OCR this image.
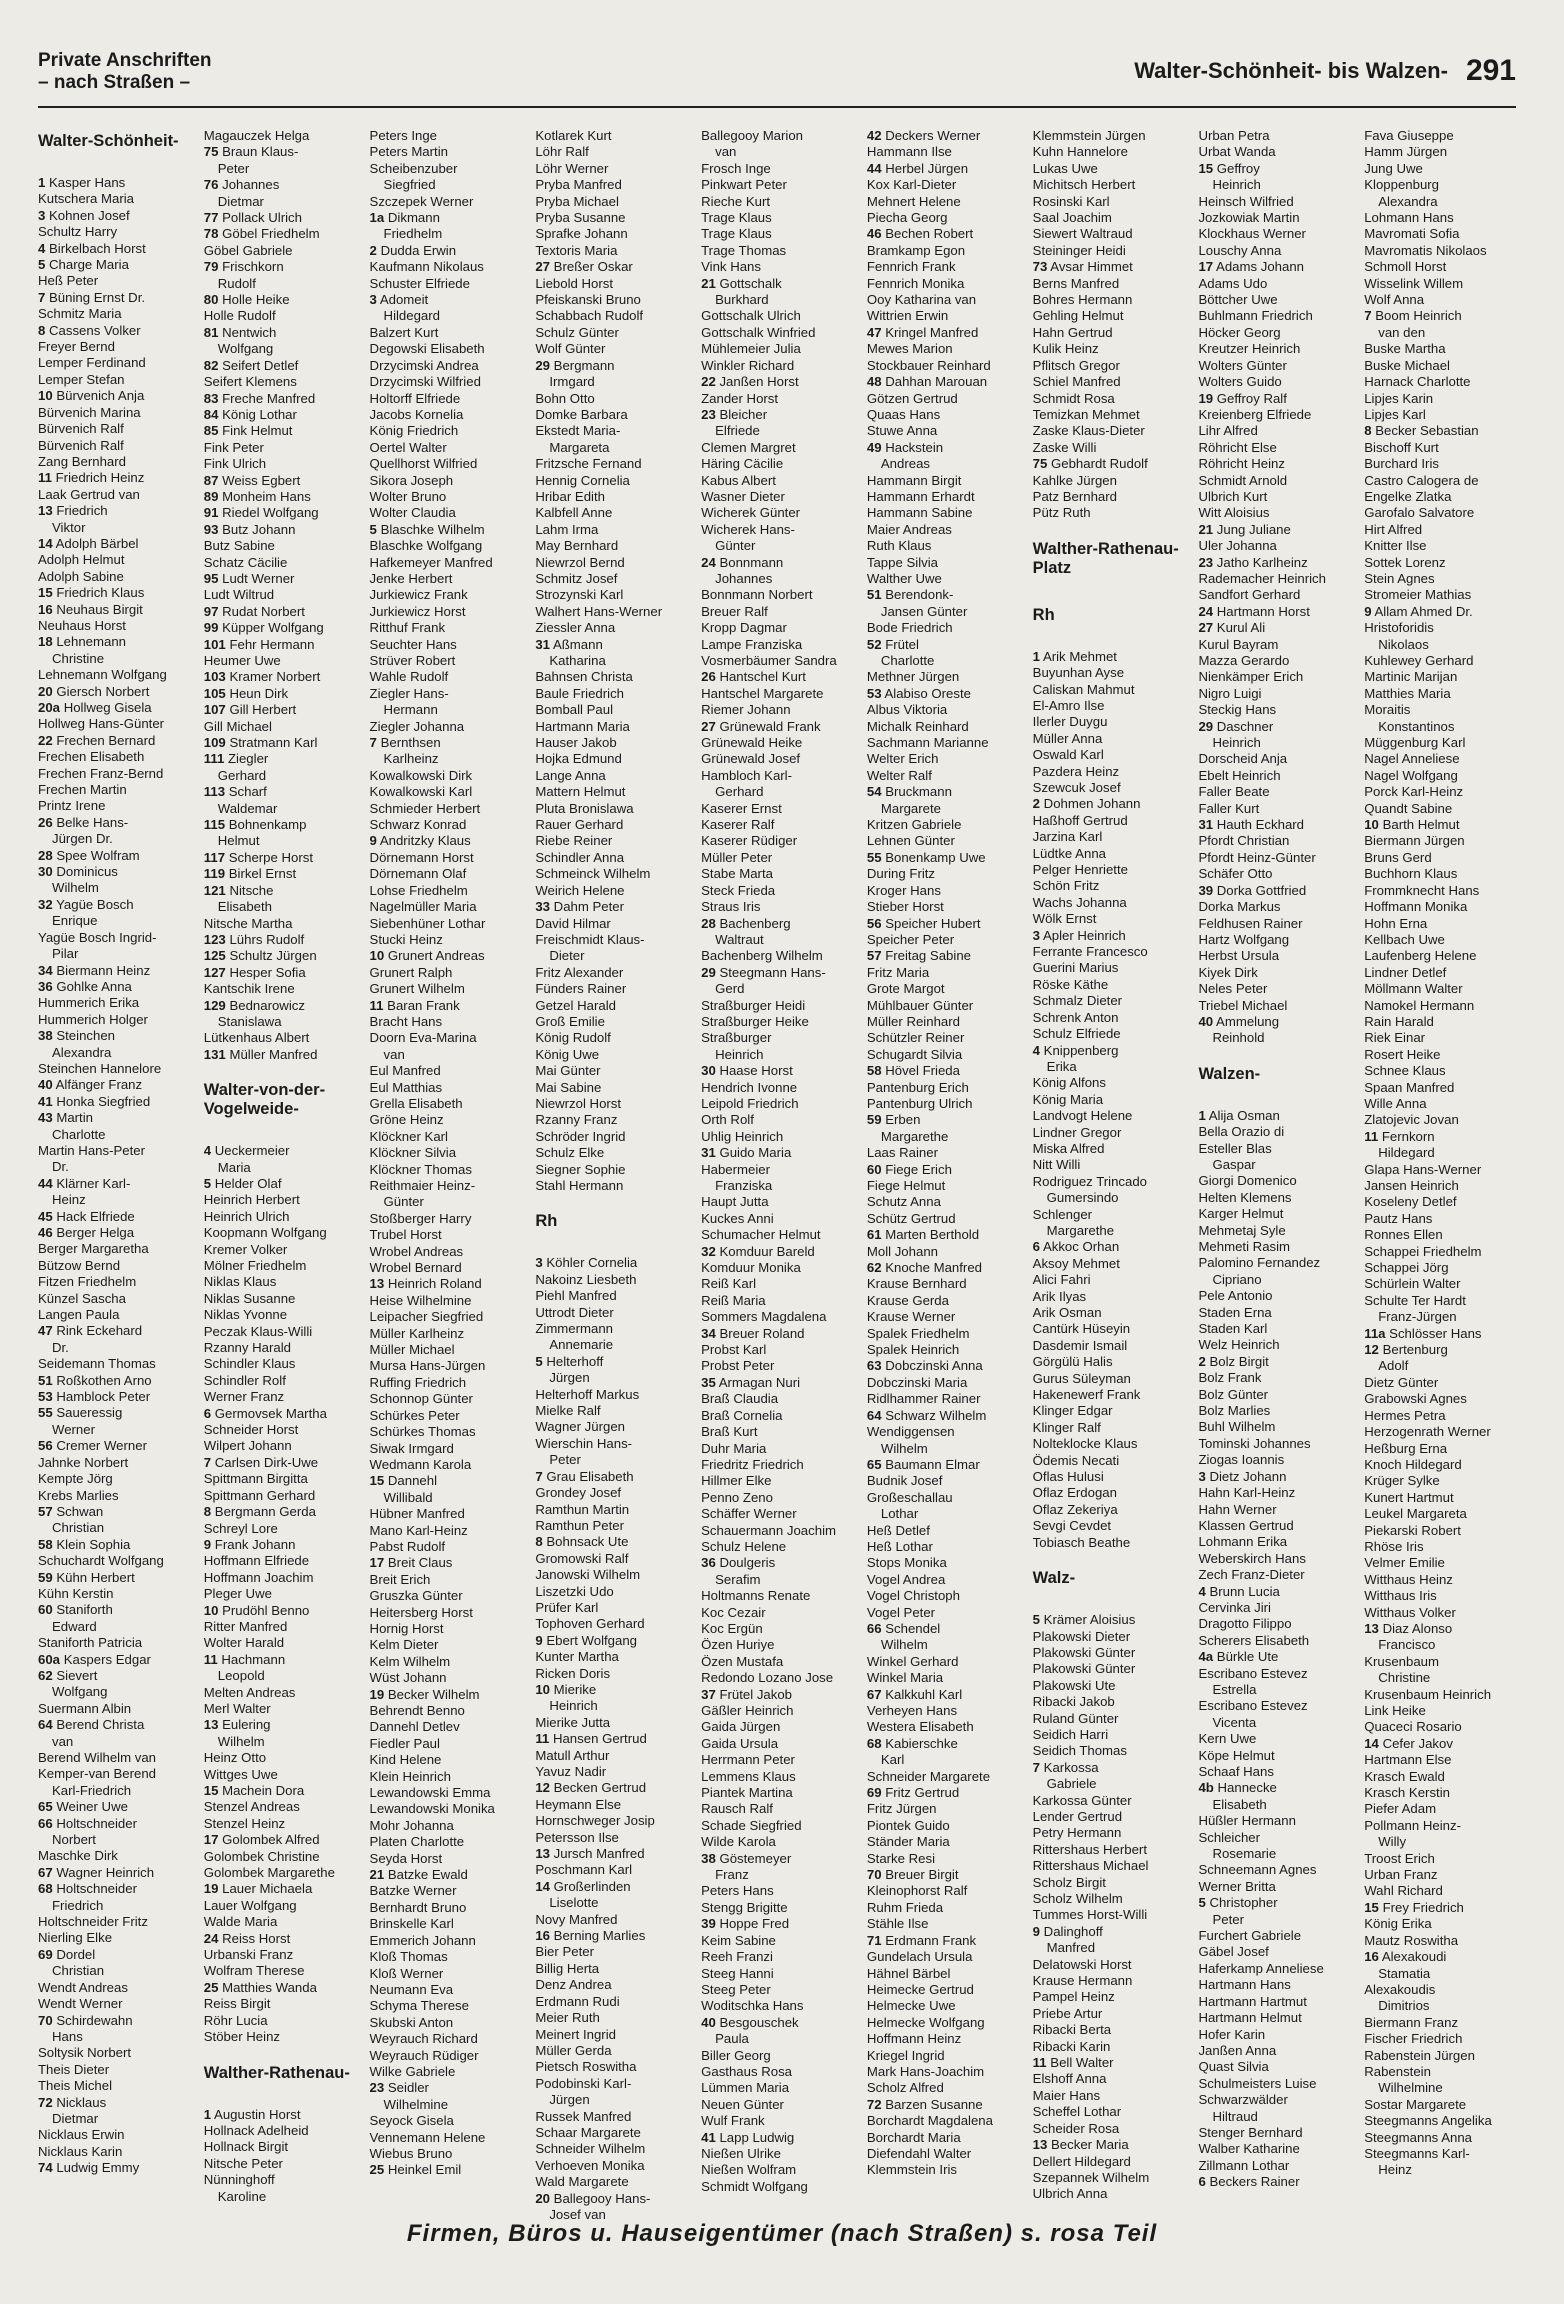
Private Anschriften
– nach Straßen –	Walter-Schönheit- bis Walzen- 291
Walter-Schönheit-
1 Kasper Hans
Kutschera Maria
3 Kohnen Josef
Schultz Harry
4 Birkelbach Horst
5 Charge Maria
Heß Peter
7 Büning Ernst Dr.
Schmitz Maria
8 Cassens Volker
Freyer Bernd
Lemper Ferdinand
Lemper Stefan
10 Bürvenich Anja
Bürvenich Marina
Bürvenich Ralf
Bürvenich Ralf
Zang Bernhard
11 Friedrich Heinz
Laak Gertrud van
13 Friedrich
Viktor
14 Adolph Bärbel
Adolph Helmut
Adolph Sabine
15 Friedrich Klaus
16 Neuhaus Birgit
Neuhaus Horst
18 Lehnemann
Christine
Lehnemann Wolfgang
20 Giersch Norbert
20a Hollweg Gisela
Hollweg Hans-Günter
22 Frechen Bernard
Frechen Elisabeth
Frechen Franz-Bernd
Frechen Martin
Printz Irene
26 Belke Hans-
Jürgen Dr.
28 Spee Wolfram
30 Dominicus
Wilhelm
32 Yagüe Bosch
Enrique
Yagüe Bosch Ingrid-
Pilar
34 Biermann Heinz
36 Gohlke Anna
Hummerich Erika
Hummerich Holger
38 Steinchen
Alexandra
Steinchen Hannelore
40 Alfänger Franz
41 Honka Siegfried
43 Martin
Charlotte
Martin Hans-Peter
Dr.
44 Klärner Karl-
Heinz
45 Hack Elfriede
46 Berger Helga
Berger Margaretha
Bützow Bernd
Fitzen Friedhelm
Künzel Sascha
Langen Paula
47 Rink Eckehard
Dr.
Seidemann Thomas
51 Roßkothen Arno
53 Hamblock Peter
55 Saueressig
Werner
56 Cremer Werner
Jahnke Norbert
Kempte Jörg
Krebs Marlies
57 Schwan
Christian
58 Klein Sophia
Schuchardt Wolfgang
59 Kühn Herbert
Kühn Kerstin
60 Staniforth
Edward
Staniforth Patricia
60a Kaspers Edgar
62 Sievert
Wolfgang
Suermann Albin
64 Berend Christa
van
Berend Wilhelm van
Kemper-van Berend
Karl-Friedrich
65 Weiner Uwe
66 Holtschneider
Norbert
Maschke Dirk
67 Wagner Heinrich
68 Holtschneider
Friedrich
Holtschneider Fritz
Nierling Elke
69 Dordel
Christian
Wendt Andreas
Wendt Werner
70 Schirdewahn
Hans
Soltysik Norbert
Theis Dieter
Theis Michel
72 Nicklaus
Dietmar
Nicklaus Erwin
Nicklaus Karin
74 Ludwig Emmy
Magauczek Helga
75 Braun Klaus-
Peter
76 Johannes
Dietmar
77 Pollack Ulrich
78 Göbel Friedhelm
Göbel Gabriele
79 Frischkorn
Rudolf
80 Holle Heike
Holle Rudolf
81 Nentwich
Wolfgang
82 Seifert Detlef
Seifert Klemens
83 Freche Manfred
84 König Lothar
85 Fink Helmut
Fink Peter
Fink Ulrich
87 Weiss Egbert
89 Monheim Hans
91 Riedel Wolfgang
93 Butz Johann
Butz Sabine
Schatz Cäcilie
95 Ludt Werner
Ludt Wiltrud
97 Rudat Norbert
99 Küpper Wolfgang
101 Fehr Hermann
Heumer Uwe
103 Kramer Norbert
105 Heun Dirk
107 Gill Herbert
Gill Michael
109 Stratmann Karl
111 Ziegler
Gerhard
113 Scharf
Waldemar
115 Bohnenkamp
Helmut
117 Scherpe Horst
119 Birkel Ernst
121 Nitsche
Elisabeth
Nitsche Martha
123 Lührs Rudolf
125 Schultz Jürgen
127 Hesper Sofia
Kantschik Irene
129 Bednarowicz
Stanislawa
Lütkenhaus Albert
131 Müller Manfred
Walter-von-der-Vogelweide-
4 Ueckermeier
Maria
5 Helder Olaf
Heinrich Herbert
Heinrich Ulrich
Koopmann Wolfgang
Kremer Volker
Mölner Friedhelm
Niklas Klaus
Niklas Susanne
Niklas Yvonne
Peczak Klaus-Willi
Rzanny Harald
Schindler Klaus
Schindler Rolf
Werner Franz
6 Germovsek Martha
Schneider Horst
Wilpert Johann
7 Carlsen Dirk-Uwe
Spittmann Birgitta
Spittmann Gerhard
8 Bergmann Gerda
Schreyl Lore
9 Frank Johann
Hoffmann Elfriede
Hoffmann Joachim
Pleger Uwe
10 Prudöhl Benno
Ritter Manfred
Wolter Harald
11 Hachmann
Leopold
Melten Andreas
Merl Walter
13 Eulering
Wilhelm
Heinz Otto
Wittges Uwe
15 Machein Dora
Stenzel Andreas
Stenzel Heinz
17 Golombek Alfred
Golombek Christine
Golombek Margarethe
19 Lauer Michaela
Lauer Wolfgang
Walde Maria
24 Reiss Horst
Urbanski Franz
Wolfram Therese
25 Matthies Wanda
Reiss Birgit
Röhr Lucia
Stöber Heinz
Walther-Rathenau-
1 Augustin Horst
Hollnack Adelheid
Hollnack Birgit
Nitsche Peter
Nünninghoff
Karoline
Peters Inge
Peters Martin
Scheibenzuber
Siegfried
Szczepek Werner
1a Dikmann
Friedhelm
2 Dudda Erwin
Kaufmann Nikolaus
Schuster Elfriede
3 Adomeit
Hildegard
Balzert Kurt
Degowski Elisabeth
Drzycimski Andrea
Drzycimski Wilfried
Holtorff Elfriede
Jacobs Kornelia
König Friedrich
Oertel Walter
Quellhorst Wilfried
Sikora Joseph
Wolter Bruno
Wolter Claudia
5 Blaschke Wilhelm
Blaschke Wolfgang
Hafkemeyer Manfred
Jenke Herbert
Jurkiewicz Frank
Jurkiewicz Horst
Ritthuf Frank
Seuchter Hans
Strüver Robert
Wahle Rudolf
Ziegler Hans-
Hermann
Ziegler Johanna
7 Bernthsen
Karlheinz
Kowalkowski Dirk
Kowalkowski Karl
Schmieder Herbert
Schwarz Konrad
9 Andritzky Klaus
Dörnemann Horst
Dörnemann Olaf
Lohse Friedhelm
Nagelmüller Maria
Siebenhüner Lothar
Stucki Heinz
10 Grunert Andreas
Grunert Ralph
Grunert Wilhelm
11 Baran Frank
Bracht Hans
Doorn Eva-Marina
van
Eul Manfred
Eul Matthias
Grella Elisabeth
Gröne Heinz
Klöckner Karl
Klöckner Silvia
Klöckner Thomas
Reithmaier Heinz-
Günter
Stoßberger Harry
Trubel Horst
Wrobel Andreas
Wrobel Bernard
13 Heinrich Roland
Heise Wilhelmine
Leipacher Siegfried
Müller Karlheinz
Müller Michael
Mursa Hans-Jürgen
Ruffing Friedrich
Schonnop Günter
Schürkes Peter
Schürkes Thomas
Siwak Irmgard
Wedmann Karola
15 Dannehl
Willibald
Hübner Manfred
Mano Karl-Heinz
Pabst Rudolf
17 Breit Claus
Breit Erich
Gruszka Günter
Heitersberg Horst
Hornig Horst
Kelm Dieter
Kelm Wilhelm
Wüst Johann
19 Becker Wilhelm
Behrendt Benno
Dannehl Detlev
Fiedler Paul
Kind Helene
Klein Heinrich
Lewandowski Emma
Lewandowski Monika
Mohr Johanna
Platen Charlotte
Seyda Horst
21 Batzke Ewald
Batzke Werner
Bernhardt Bruno
Brinskelle Karl
Emmerich Johann
Kloß Thomas
Kloß Werner
Neumann Eva
Schyma Therese
Skubski Anton
Weyrauch Richard
Weyrauch Rüdiger
Wilke Gabriele
23 Seidler
Wilhelmine
Seyock Gisela
Vennemann Helene
Wiebus Bruno
25 Heinkel Emil
Kotlarek Kurt
Löhr Ralf
Löhr Werner
Pryba Manfred
Pryba Michael
Pryba Susanne
Sprafke Johann
Textoris Maria
27 Breßer Oskar
Liebold Horst
Pfeiskanski Bruno
Schabbach Rudolf
Schulz Günter
Wolf Günter
29 Bergmann
Irmgard
Bohn Otto
Domke Barbara
Ekstedt Maria-
Margareta
Fritzsche Fernand
Hennig Cornelia
Hribar Edith
Kalbfell Anne
Lahm Irma
May Bernhard
Niewrzol Bernd
Schmitz Josef
Strozynski Karl
Walhert Hans-Werner
Ziessler Anna
31 Aßmann
Katharina
Bahnsen Christa
Baule Friedrich
Bomball Paul
Hartmann Maria
Hauser Jakob
Hojka Edmund
Lange Anna
Mattern Helmut
Pluta Bronislawa
Rauer Gerhard
Riebe Reiner
Schindler Anna
Schmeinck Wilhelm
Weirich Helene
33 Dahm Peter
David Hilmar
Freischmidt Klaus-
Dieter
Fritz Alexander
Fünders Rainer
Getzel Harald
Groß Emilie
König Rudolf
König Uwe
Mai Günter
Mai Sabine
Niewrzol Horst
Rzanny Franz
Schröder Ingrid
Schulz Elke
Siegner Sophie
Stahl Hermann
Rh
3 Köhler Cornelia
Nakoinz Liesbeth
Piehl Manfred
Uttrodt Dieter
Zimmermann
Annemarie
5 Helterhoff
Jürgen
Helterhoff Markus
Mielke Ralf
Wagner Jürgen
Wierschin Hans-
Peter
7 Grau Elisabeth
Grondey Josef
Ramthun Martin
Ramthun Peter
8 Bohnsack Ute
Gromowski Ralf
Janowski Wilhelm
Liszetzki Udo
Prüfer Karl
Tophoven Gerhard
9 Ebert Wolfgang
Kunter Martha
Ricken Doris
10 Mierike
Heinrich
Mierike Jutta
11 Hansen Gertrud
Matull Arthur
Yavuz Nadir
12 Becken Gertrud
Heymann Else
Hornschweger Josip
Petersson Ilse
13 Jursch Manfred
Poschmann Karl
14 Großerlinden
Liselotte
Novy Manfred
16 Berning Marlies
Bier Peter
Billig Herta
Denz Andrea
Erdmann Rudi
Meier Ruth
Meinert Ingrid
Müller Gerda
Pietsch Roswitha
Podobinski Karl-
Jürgen
Russek Manfred
Schaar Margarete
Schneider Wilhelm
Verhoeven Monika
Wald Margarete
20 Ballegooy Hans-
Josef van
Ballegooy Marion
van
Frosch Inge
Pinkwart Peter
Rieche Kurt
Trage Klaus
Trage Klaus
Trage Thomas
Vink Hans
21 Gottschalk
Burkhard
Gottschalk Ulrich
Gottschalk Winfried
Mühlemeier Julia
Winkler Richard
22 Janßen Horst
Zander Horst
23 Bleicher
Elfriede
Clemen Margret
Häring Cäcilie
Kabus Albert
Wasner Dieter
Wicherek Günter
Wicherek Hans-
Günter
24 Bonnmann
Johannes
Bonnmann Norbert
Breuer Ralf
Kropp Dagmar
Lampe Franziska
Vosmerbäumer Sandra
26 Hantschel Kurt
Hantschel Margarete
Riemer Johann
27 Grünewald Frank
Grünewald Heike
Grünewald Josef
Hambloch Karl-
Gerhard
Kaserer Ernst
Kaserer Ralf
Kaserer Rüdiger
Müller Peter
Stabe Marta
Steck Frieda
Straus Iris
28 Bachenberg
Waltraut
Bachenberg Wilhelm
29 Steegmann Hans-
Gerd
Straßburger Heidi
Straßburger Heike
Straßburger
Heinrich
30 Haase Horst
Hendrich Ivonne
Leipold Friedrich
Orth Rolf
Uhlig Heinrich
31 Guido Maria
Habermeier
Franziska
Haupt Jutta
Kuckes Anni
Schumacher Helmut
32 Komduur Bareld
Komduur Monika
Reiß Karl
Reiß Maria
Sommers Magdalena
34 Breuer Roland
Probst Karl
Probst Peter
35 Armagan Nuri
Braß Claudia
Braß Cornelia
Braß Kurt
Duhr Maria
Friedritz Friedrich
Hillmer Elke
Penno Zeno
Schäffer Werner
Schauermann Joachim
Schulz Helene
36 Doulgeris
Serafim
Holtmanns Renate
Koc Cezair
Koc Ergün
Özen Huriye
Özen Mustafa
Redondo Lozano Jose
37 Frütel Jakob
Gäßler Heinrich
Gaida Jürgen
Gaida Ursula
Herrmann Peter
Lemmens Klaus
Piantek Martina
Rausch Ralf
Schade Siegfried
Wilde Karola
38 Göstemeyer
Franz
Peters Hans
Stengg Brigitte
39 Hoppe Fred
Keim Sabine
Reeh Franzi
Steeg Hanni
Steeg Peter
Woditschka Hans
40 Besgouschek
Paula
Biller Georg
Gasthaus Rosa
Lümmen Maria
Neuen Günter
Wulf Frank
41 Lapp Ludwig
Nießen Ulrike
Nießen Wolfram
Schmidt Wolfgang
42 Deckers Werner
Hammann Ilse
44 Herbel Jürgen
Kox Karl-Dieter
Mehnert Helene
Piecha Georg
46 Bechen Robert
Bramkamp Egon
Fennrich Frank
Fennrich Monika
Ooy Katharina van
Wittrien Erwin
47 Kringel Manfred
Mewes Marion
Stockbauer Reinhard
48 Dahhan Marouan
Götzen Gertrud
Quaas Hans
Stuwe Anna
49 Hackstein
Andreas
Hammann Birgit
Hammann Erhardt
Hammann Sabine
Maier Andreas
Ruth Klaus
Tappe Silvia
Walther Uwe
51 Berendonk-
Jansen Günter
Bode Friedrich
52 Frütel
Charlotte
Methner Jürgen
53 Alabiso Oreste
Albus Viktoria
Michalk Reinhard
Sachmann Marianne
Welter Erich
Welter Ralf
54 Bruckmann
Margarete
Kritzen Gabriele
Lehnen Günter
55 Bonenkamp Uwe
During Fritz
Kroger Hans
Stieber Horst
56 Speicher Hubert
Speicher Peter
57 Freitag Sabine
Fritz Maria
Grote Margot
Mühlbauer Günter
Müller Reinhard
Schützler Reiner
Schugardt Silvia
58 Hövel Frieda
Pantenburg Erich
Pantenburg Ulrich
59 Erben
Margarethe
Laas Rainer
60 Fiege Erich
Fiege Helmut
Schutz Anna
Schütz Gertrud
61 Marten Berthold
Moll Johann
62 Knoche Manfred
Krause Bernhard
Krause Gerda
Krause Werner
Spalek Friedhelm
Spalek Heinrich
63 Dobczinski Anna
Dobczinski Maria
Ridlhammer Rainer
64 Schwarz Wilhelm
Wendiggensen
Wilhelm
65 Baumann Elmar
Budnik Josef
Großeschallau
Lothar
Heß Detlef
Heß Lothar
Stops Monika
Vogel Andrea
Vogel Christoph
Vogel Peter
66 Schendel
Wilhelm
Winkel Gerhard
Winkel Maria
67 Kalkkuhl Karl
Verheyen Hans
Westera Elisabeth
68 Kabierschke
Karl
Schneider Margarete
69 Fritz Gertrud
Fritz Jürgen
Piontek Guido
Ständer Maria
Starke Resi
70 Breuer Birgit
Kleinophorst Ralf
Ruhm Frieda
Stähle Ilse
71 Erdmann Frank
Gundelach Ursula
Hähnel Bärbel
Heimecke Gertrud
Helmecke Uwe
Helmecke Wolfgang
Hoffmann Heinz
Kriegel Ingrid
Mark Hans-Joachim
Scholz Alfred
72 Barzen Susanne
Borchardt Magdalena
Borchardt Maria
Diefendahl Walter
Klemmstein Iris
Klemmstein Jürgen
Kuhn Hannelore
Lukas Uwe
Michitsch Herbert
Rosinski Karl
Saal Joachim
Siewert Waltraud
Steininger Heidi
73 Avsar Himmet
Berns Manfred
Bohres Hermann
Gehling Helmut
Hahn Gertrud
Kulik Heinz
Pflitsch Gregor
Schiel Manfred
Schmidt Rosa
Temizkan Mehmet
Zaske Klaus-Dieter
Zaske Willi
75 Gebhardt Rudolf
Kahlke Jürgen
Patz Bernhard
Pütz Ruth
Walther-Rathenau-Platz
Rh
1 Arik Mehmet
Buyunhan Ayse
Caliskan Mahmut
El-Amro Ilse
Ilerler Duygu
Müller Anna
Oswald Karl
Pazdera Heinz
Szewcuk Josef
2 Dohmen Johann
Haßhoff Gertrud
Jarzina Karl
Lüdtke Anna
Pelger Henriette
Schön Fritz
Wachs Johanna
Wölk Ernst
3 Apler Heinrich
Ferrante Francesco
Guerini Marius
Röske Käthe
Schmalz Dieter
Schrenk Anton
Schulz Elfriede
4 Knippenberg
Erika
König Alfons
König Maria
Landvogt Helene
Lindner Gregor
Miska Alfred
Nitt Willi
Rodriguez Trincado
Gumersindo
Schlenger
Margarethe
6 Akkoc Orhan
Aksoy Mehmet
Alici Fahri
Arik Ilyas
Arik Osman
Cantürk Hüseyin
Dasdemir Ismail
Görgülü Halis
Gurus Süleyman
Hakenewerf Frank
Klinger Edgar
Klinger Ralf
Nolteklocke Klaus
Ödemis Necati
Oflas Hulusi
Oflaz Erdogan
Oflaz Zekeriya
Sevgi Cevdet
Tobiasch Beathe
Walz-
5 Krämer Aloisius
Plakowski Dieter
Plakowski Günter
Plakowski Günter
Plakowski Ute
Ribacki Jakob
Ruland Günter
Seidich Harri
Seidich Thomas
7 Karkossa
Gabriele
Karkossa Günter
Lender Gertrud
Petry Hermann
Rittershaus Herbert
Rittershaus Michael
Scholz Birgit
Scholz Wilhelm
Tummes Horst-Willi
9 Dalinghoff
Manfred
Delatowski Horst
Krause Hermann
Pampel Heinz
Priebe Artur
Ribacki Berta
Ribacki Karin
11 Bell Walter
Elshoff Anna
Maier Hans
Scheffel Lothar
Scheider Rosa
13 Becker Maria
Dellert Hildegard
Szepannek Wilhelm
Ulbrich Anna
Urban Petra
Urbat Wanda
15 Geffroy
Heinrich
Heinsch Wilfried
Jozkowiak Martin
Klockhaus Werner
Louschy Anna
17 Adams Johann
Adams Udo
Böttcher Uwe
Buhlmann Friedrich
Höcker Georg
Kreutzer Heinrich
Wolters Günter
Wolters Guido
19 Geffroy Ralf
Kreienberg Elfriede
Lihr Alfred
Röhricht Else
Röhricht Heinz
Schmidt Arnold
Ulbrich Kurt
Witt Aloisius
21 Jung Juliane
Uler Johanna
23 Jatho Karlheinz
Rademacher Heinrich
Sandfort Gerhard
24 Hartmann Horst
27 Kurul Ali
Kurul Bayram
Mazza Gerardo
Nienkämper Erich
Nigro Luigi
Steckig Hans
29 Daschner
Heinrich
Dorscheid Anja
Ebelt Heinrich
Faller Beate
Faller Kurt
31 Hauth Eckhard
Pfordt Christian
Pfordt Heinz-Günter
Schäfer Otto
39 Dorka Gottfried
Dorka Markus
Feldhusen Rainer
Hartz Wolfgang
Herbst Ursula
Kiyek Dirk
Neles Peter
Triebel Michael
40 Ammelung
Reinhold
Walzen-
1 Alija Osman
Bella Orazio di
Esteller Blas
Gaspar
Giorgi Domenico
Helten Klemens
Karger Helmut
Mehmetaj Syle
Mehmeti Rasim
Palomino Fernandez
Cipriano
Pele Antonio
Staden Erna
Staden Karl
Welz Heinrich
2 Bolz Birgit
Bolz Frank
Bolz Günter
Bolz Marlies
Buhl Wilhelm
Tominski Johannes
Ziogas Ioannis
3 Dietz Johann
Hahn Karl-Heinz
Hahn Werner
Klassen Gertrud
Lohmann Erika
Weberskirch Hans
Zech Franz-Dieter
4 Brunn Lucia
Cervinka Jiri
Dragotto Filippo
Scherers Elisabeth
4a Bürkle Ute
Escribano Estevez
Estrella
Escribano Estevez
Vicenta
Kern Uwe
Köpe Helmut
Schaaf Hans
4b Hannecke
Elisabeth
Hüßler Hermann
Schleicher
Rosemarie
Schneemann Agnes
Werner Britta
5 Christopher
Peter
Furchert Gabriele
Gäbel Josef
Haferkamp Anneliese
Hartmann Hans
Hartmann Hartmut
Hartmann Helmut
Hofer Karin
Janßen Anna
Quast Silvia
Schulmeisters Luise
Schwarzwälder
Hiltraud
Stenger Bernhard
Walber Katharine
Zillmann Lothar
6 Beckers Rainer
Fava Giuseppe
Hamm Jürgen
Jung Uwe
Kloppenburg
Alexandra
Lohmann Hans
Mavromati Sofia
Mavromatis Nikolaos
Schmoll Horst
Wisselink Willem
Wolf Anna
7 Boom Heinrich
van den
Buske Martha
Buske Michael
Harnack Charlotte
Lipjes Karin
Lipjes Karl
8 Becker Sebastian
Bischoff Kurt
Burchard Iris
Castro Calogera de
Engelke Zlatka
Garofalo Salvatore
Hirt Alfred
Knitter Ilse
Sottek Lorenz
Stein Agnes
Stromeier Mathias
9 Allam Ahmed Dr.
Hristoforidis
Nikolaos
Kuhlewey Gerhard
Martinic Marijan
Matthies Maria
Moraitis
Konstantinos
Müggenburg Karl
Nagel Anneliese
Nagel Wolfgang
Porck Karl-Heinz
Quandt Sabine
10 Barth Helmut
Biermann Jürgen
Bruns Gerd
Buchhorn Klaus
Frommknecht Hans
Hoffmann Monika
Hohn Erna
Kellbach Uwe
Laufenberg Helene
Lindner Detlef
Möllmann Walter
Namokel Hermann
Rain Harald
Riek Einar
Rosert Heike
Schnee Klaus
Spaan Manfred
Wille Anna
Zlatojevic Jovan
11 Fernkorn
Hildegard
Glapa Hans-Werner
Jansen Heinrich
Koseleny Detlef
Pautz Hans
Ronnes Ellen
Schappei Friedhelm
Schappei Jörg
Schürlein Walter
Schulte Ter Hardt
Franz-Jürgen
11a Schlösser Hans
12 Bertenburg
Adolf
Dietz Günter
Grabowski Agnes
Hermes Petra
Herzogenrath Werner
Heßburg Erna
Knoch Hildegard
Krüger Sylke
Kunert Hartmut
Leukel Margareta
Piekarski Robert
Rhöse Iris
Velmer Emilie
Witthaus Heinz
Witthaus Iris
Witthaus Volker
13 Diaz Alonso
Francisco
Krusenbaum
Christine
Krusenbaum Heinrich
Link Heike
Quaceci Rosario
14 Cefer Jakov
Hartmann Else
Krasch Ewald
Krasch Kerstin
Piefer Adam
Pollmann Heinz-
Willy
Troost Erich
Urban Franz
Wahl Richard
15 Frey Friedrich
König Erika
Mautz Roswitha
16 Alexakoudi
Stamatia
Alexakoudis
Dimitrios
Biermann Franz
Fischer Friedrich
Rabenstein Jürgen
Rabenstein
Wilhelmine
Sostar Margarete
Steegmanns Angelika
Steegmanns Anna
Steegmanns Karl-
Heinz
Firmen, Büros u. Hauseigentümer (nach Straßen) s. rosa Teil
